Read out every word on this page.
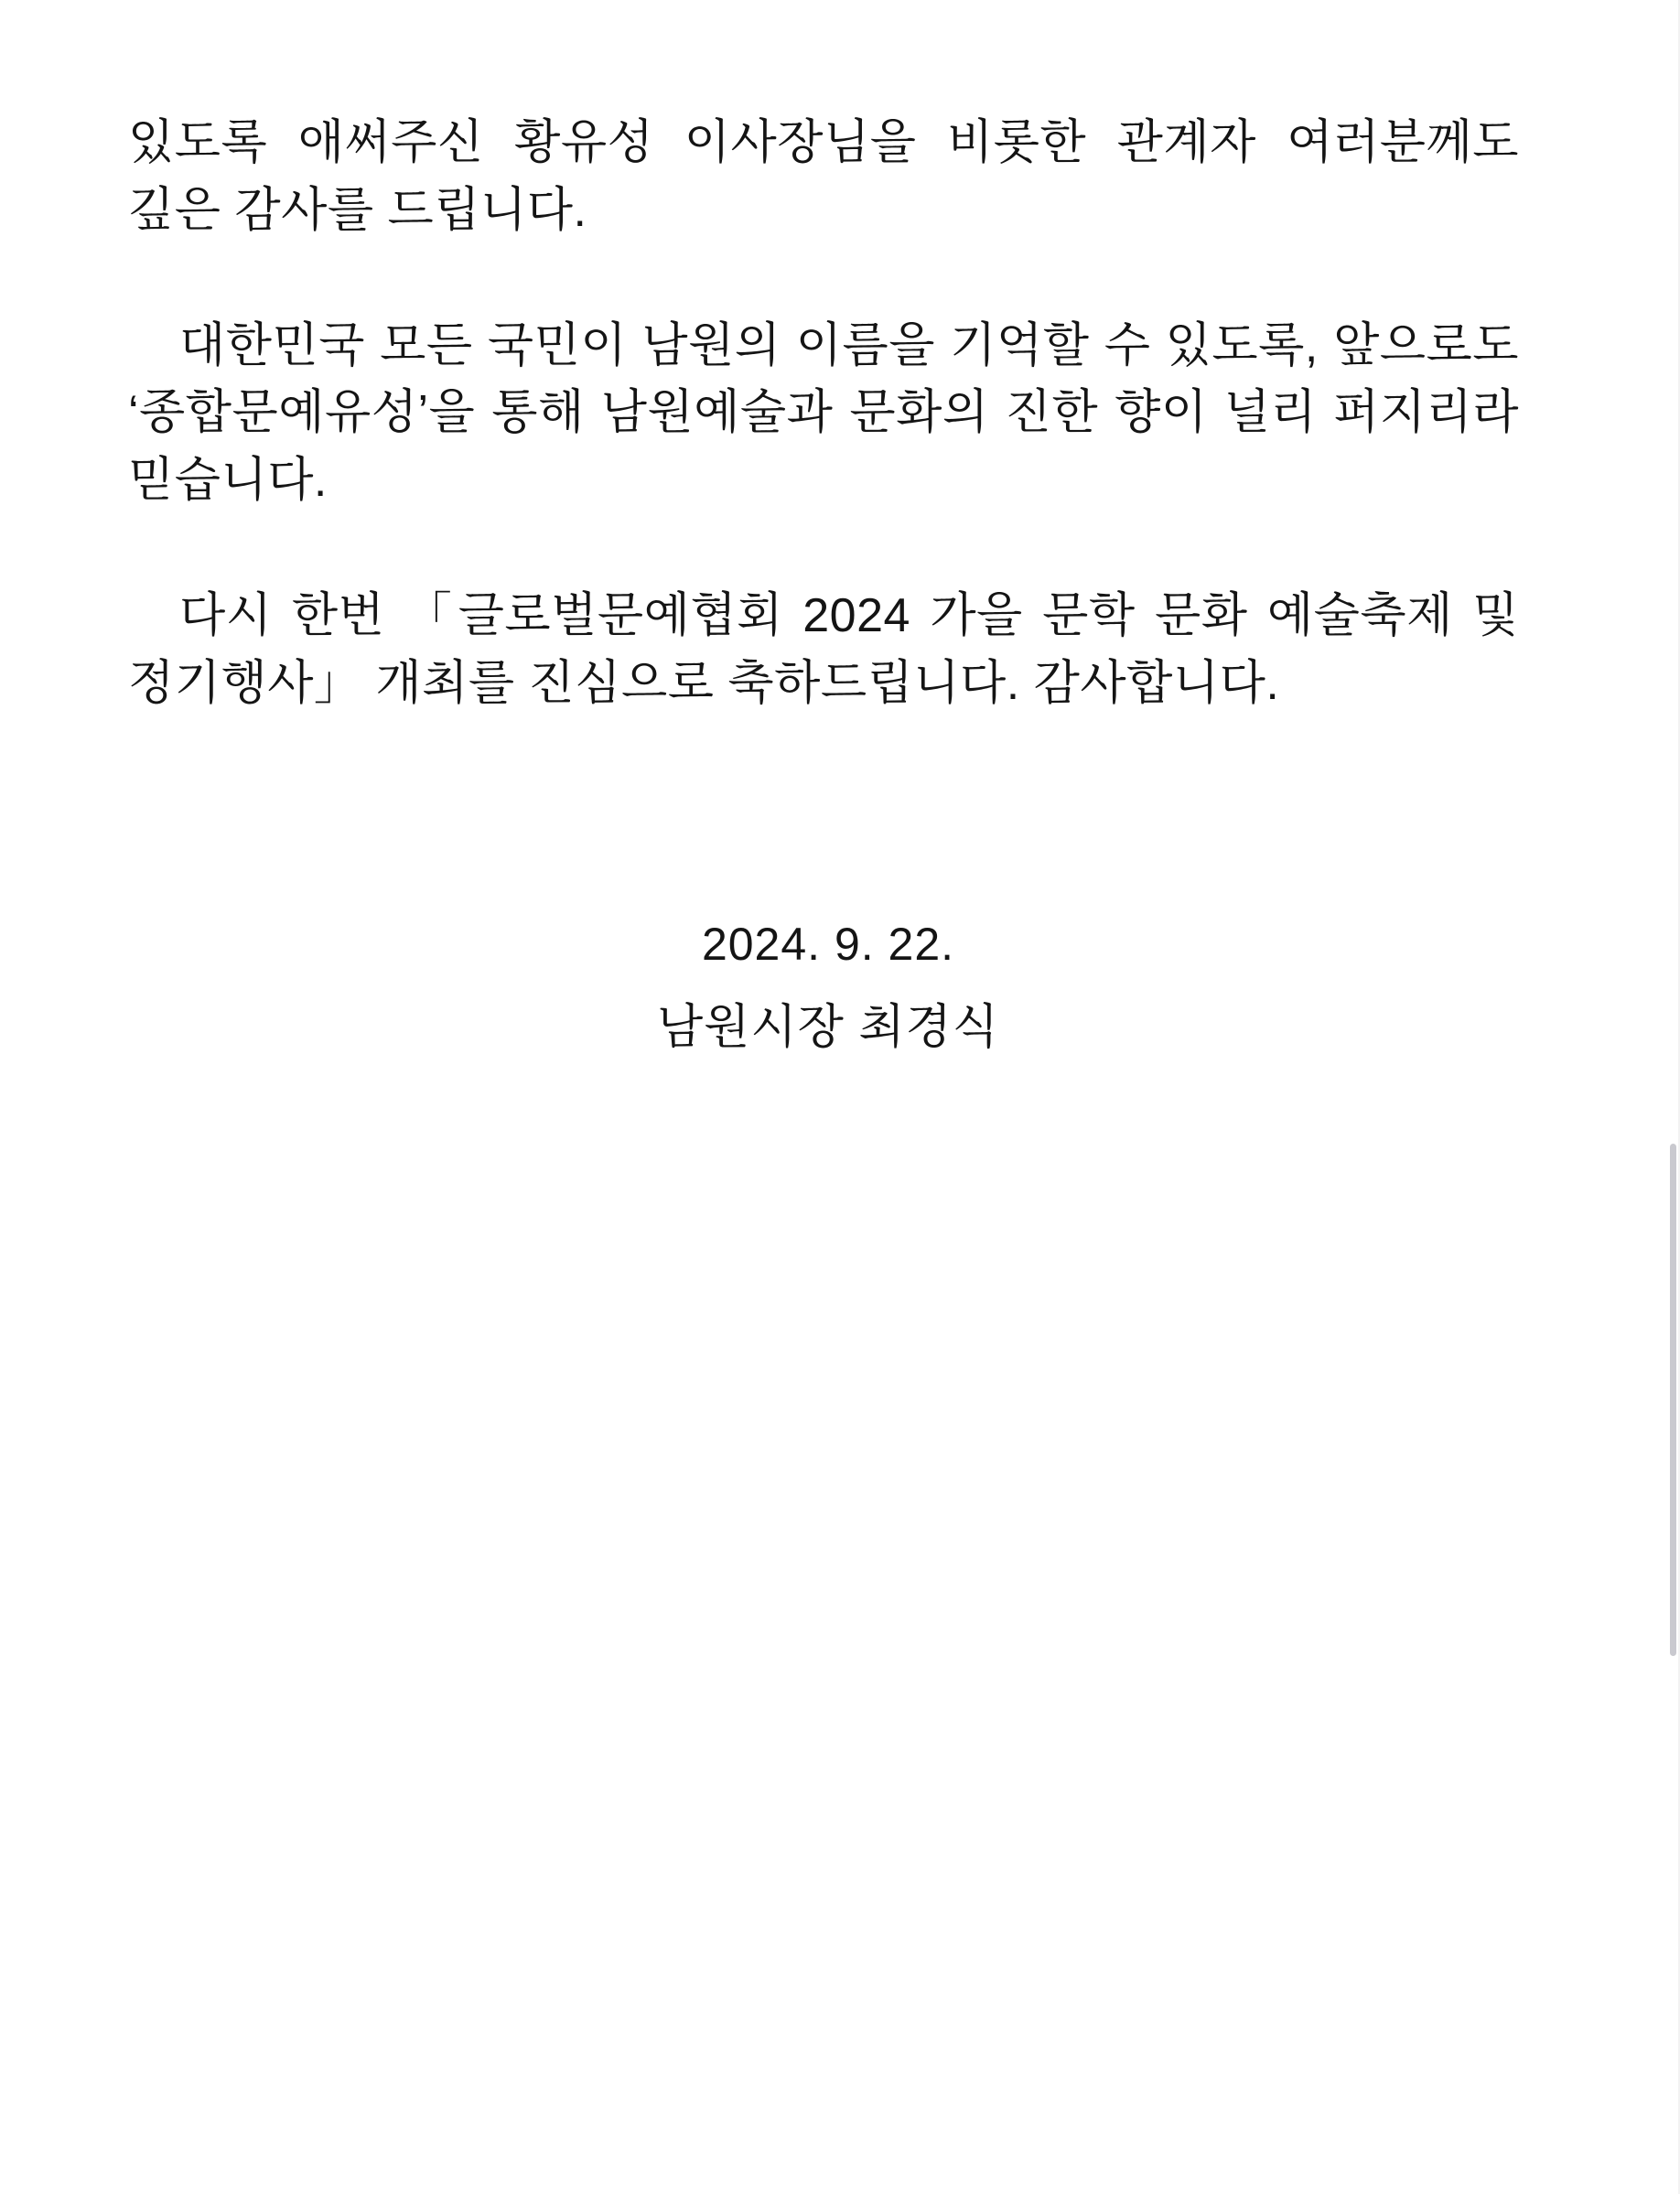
있도록 애써주신 황유성 이사장님을 비롯한 관계자 여러분께도 깊은 감사를 드립니다.

대한민국 모든 국민이 남원의 이름을 기억할 수 있도록, 앞으로도 ‘종합문예유성’을 통해 남원예술과 문화의 진한 향이 널리 퍼지리라 믿습니다.

다시 한번 「글로벌문예협회 2024 가을 문학 문화 예술축제 및 정기행사」 개최를 진심으로 축하드립니다. 감사합니다.

2024. 9. 22.

남원시장 최경식
